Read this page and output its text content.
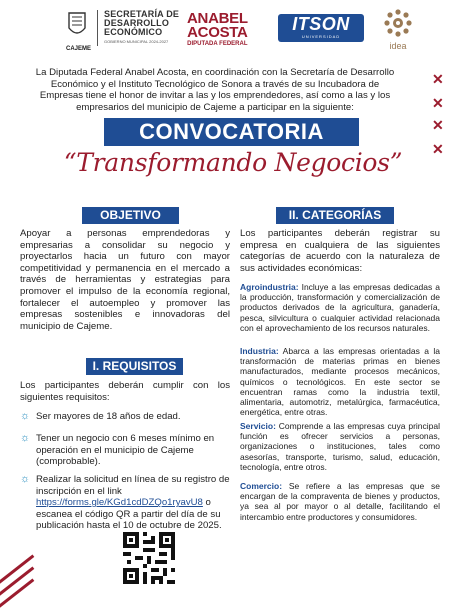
CAJEME
SECRETARÍA DE
DESARROLLO
ECONÓMICO
GOBIERNO MUNICIPAL 2024-2027
ANABEL
ACOSTA
DIPUTADA FEDERAL
ITSON
UNIVERSIDAD
idea
La Diputada Federal Anabel Acosta, en coordinación con la Secretaría de Desarrollo Económico y el Instituto Tecnológico de Sonora a través de su Incubadora de Empresas tiene el honor de invitar a las y los emprendedores, así como a las y los empresarios del municipio de Cajeme a participar en la siguiente:
✕
✕
✕
✕
CONVOCATORIA
“Transformando Negocios”
OBJETIVO
Apoyar a personas emprendedoras y empresarias a consolidar su negocio y proyectarlos hacia un futuro con mayor competitividad y permanencia en el mercado a través de herramientas y estrategias para promover el impulso de la economía regional, fortalecer el autoempleo y promover las empresas sostenibles e innovadoras del municipio de Cajeme.
II. CATEGORÍAS
Los participantes deberán registrar su empresa en cualquiera de las siguientes categorías de acuerdo con la naturaleza de sus actividades económicas:
Agroindustria: Incluye a las empresas dedicadas a la producción, transformación y comercialización de productos derivados de la agricultura, ganadería, pesca, silvicultura o cualquier actividad relacionada con el aprovechamiento de los recursos naturales.
Industria: Abarca a las empresas orientadas a la transformación de materias primas en bienes manufacturados, mediante procesos mecánicos, químicos o tecnológicos. En este sector se encuentran ramas como la industria textil, alimentaria, automotriz, metalúrgica, farmacéutica, energética, entre otras.
Servicio: Comprende a las empresas cuya principal función es ofrecer servicios a personas, organizaciones o instituciones, tales como asesorías, transporte, turismo, salud, educación, tecnología, entre otros.
Comercio: Se refiere a las empresas que se encargan de la compraventa de bienes y productos, ya sea al por mayor o al detalle, facilitando el intercambio entre productores y consumidores.
I. REQUISITOS
Los participantes deberán cumplir con los siguientes requisitos:
☼ Ser mayores de 18 años de edad.
☼ Tener un negocio con 6 meses mínimo en operación en el municipio de Cajeme (comprobable).
☼ Realizar la solicitud en línea de su registro de inscripción en el link https://forms.gle/KGd1cdDZQo1ryavU8 o escanea el código QR a partir del día de su publicación hasta el 10 de octubre de 2025.
